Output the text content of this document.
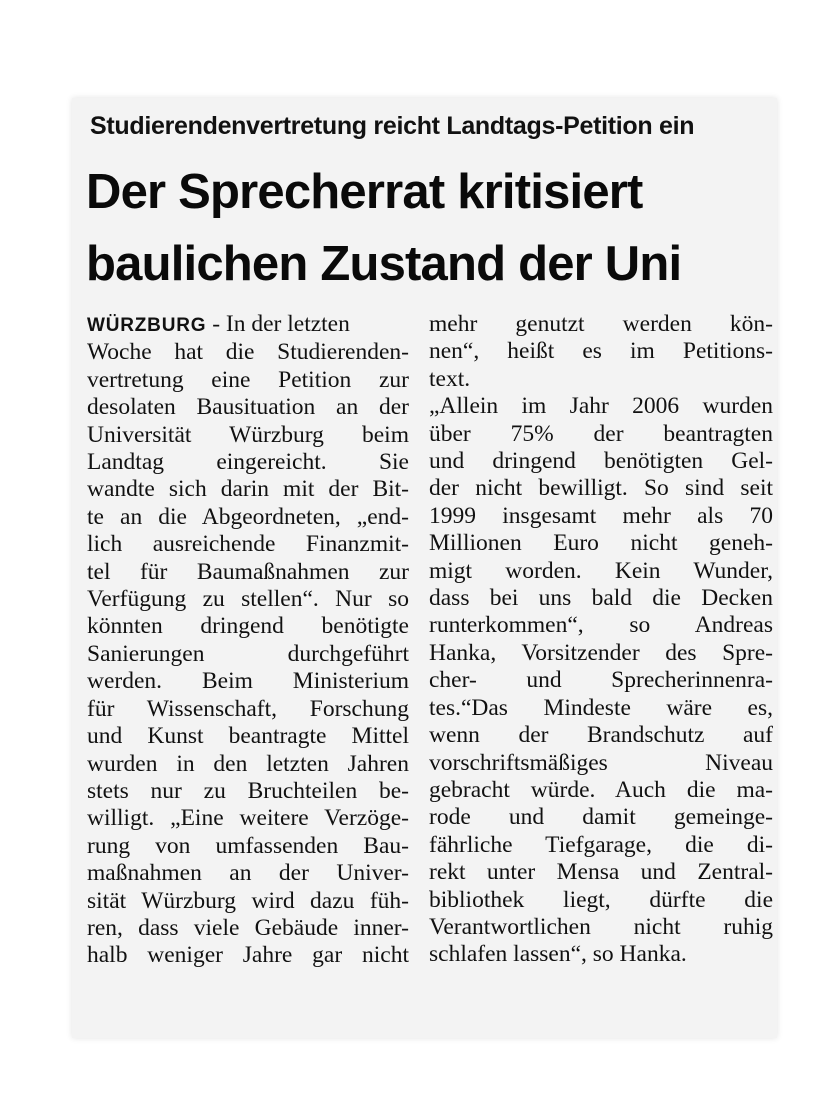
Studierendenvertretung reicht Landtags-Petition ein
Der Sprecherrat kritisiert
baulichen Zustand der Uni
WÜRZBURG - In der letzten
Woche hat die Studierenden-
vertretung eine Petition zur
desolaten Bausituation an der
Universität Würzburg beim
Landtag eingereicht. Sie
wandte sich darin mit der Bit-
te an die Abgeordneten, „end-
lich ausreichende Finanzmit-
tel für Baumaßnahmen zur
Verfügung zu stellen“. Nur so
könnten dringend benötigte
Sanierungen durchgeführt
werden. Beim Ministerium
für Wissenschaft, Forschung
und Kunst beantragte Mittel
wurden in den letzten Jahren
stets nur zu Bruchteilen be-
willigt. „Eine weitere Verzöge-
rung von umfassenden Bau-
maßnahmen an der Univer-
sität Würzburg wird dazu füh-
ren, dass viele Gebäude inner-
halb weniger Jahre gar nicht
mehr genutzt werden kön-
nen“, heißt es im Petitions-
text.
„Allein im Jahr 2006 wurden
über 75% der beantragten
und dringend benötigten Gel-
der nicht bewilligt. So sind seit
1999 insgesamt mehr als 70
Millionen Euro nicht geneh-
migt worden. Kein Wunder,
dass bei uns bald die Decken
runterkommen“, so Andreas
Hanka, Vorsitzender des Spre-
cher- und Sprecherinnenra-
tes.“Das Mindeste wäre es,
wenn der Brandschutz auf
vorschriftsmäßiges Niveau
gebracht würde. Auch die ma-
rode und damit gemeinge-
fährliche Tiefgarage, die di-
rekt unter Mensa und Zentral-
bibliothek liegt, dürfte die
Verantwortlichen nicht ruhig
schlafen lassen“, so Hanka.
